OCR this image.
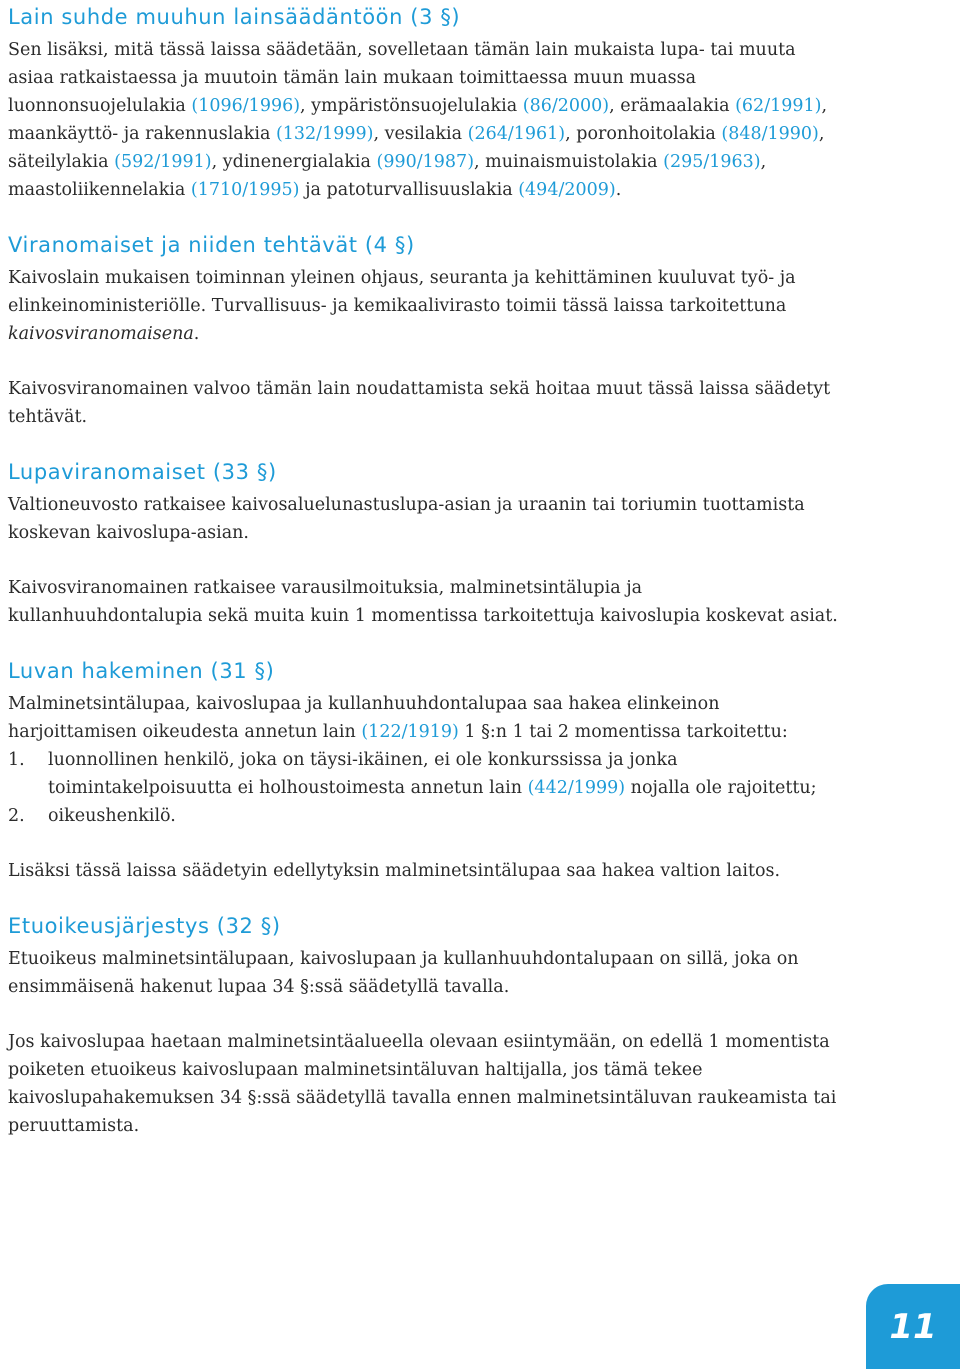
Lain suhde muuhun lainsäädäntöön (3 §)

Sen lisäksi, mitä tässä laissa säädetään, sovelletaan tämän lain mukaista lupa- tai muuta asiaa ratkaistaessa ja muutoin tämän lain mukaan toimittaessa muun muassa luonnonsuojelulakia (1096/1996), ympäristönsuojelulakia (86/2000), erämaalakia (62/1991), maankäyttö- ja rakennuslakia (132/1999), vesilakia (264/1961), poronhoitolakia (848/1990), säteilylakia (592/1991), ydinenergialakia (990/1987), muinaismuistolakia (295/1963), maastoliikennelakia (1710/1995) ja patoturvallisuuslakia (494/2009).

Viranomaiset ja niiden tehtävät (4 §)

Kaivoslain mukaisen toiminnan yleinen ohjaus, seuranta ja kehittäminen kuuluvat työ- ja elinkeinoministeriölle. Turvallisuus- ja kemikaalivirasto toimii tässä laissa tarkoitettuna kaivosviranomaisena.

Kaivosviranomainen valvoo tämän lain noudattamista sekä hoitaa muut tässä laissa säädetyt tehtävät.

Lupaviranomaiset (33 §)

Valtioneuvosto ratkaisee kaivosaluelunastuslupa-asian ja uraanin tai toriumin tuottamista koskevan kaivoslupa-asian.

Kaivosviranomainen ratkaisee varausilmoituksia, malminetsintälupia ja kullanhuuhdontalupia sekä muita kuin 1 momentissa tarkoitettuja kaivoslupia koskevat asiat.

Luvan hakeminen (31 §)

Malminetsintälupaa, kaivoslupaa ja kullanhuuhdontalupaa saa hakea elinkeinon harjoittamisen oikeudesta annetun lain (122/1919) 1 §:n 1 tai 2 momentissa tarkoitettu:

1. luonnollinen henkilö, joka on täysi-ikäinen, ei ole konkurssissa ja jonka toimintakelpoisuutta ei holhoustoimesta annetun lain (442/1999) nojalla ole rajoitettu;
2. oikeushenkilö.

Lisäksi tässä laissa säädetyin edellytyksin malminetsintälupaa saa hakea valtion laitos.

Etuoikeusjärjestys (32 §)

Etuoikeus malminetsintälupaan, kaivoslupaan ja kullanhuuhdontalupaan on sillä, joka on ensimmäisenä hakenut lupaa 34 §:ssä säädetyllä tavalla.

Jos kaivoslupaa haetaan malminetsintäalueella olevaan esiintymään, on edellä 1 momentista poiketen etuoikeus kaivoslupaan malminetsintäluvan haltijalla, jos tämä tekee kaivoslupahakemuksen 34 §:ssä säädetyllä tavalla ennen malminetsintäluvan raukeamista tai peruuttamista.

11
